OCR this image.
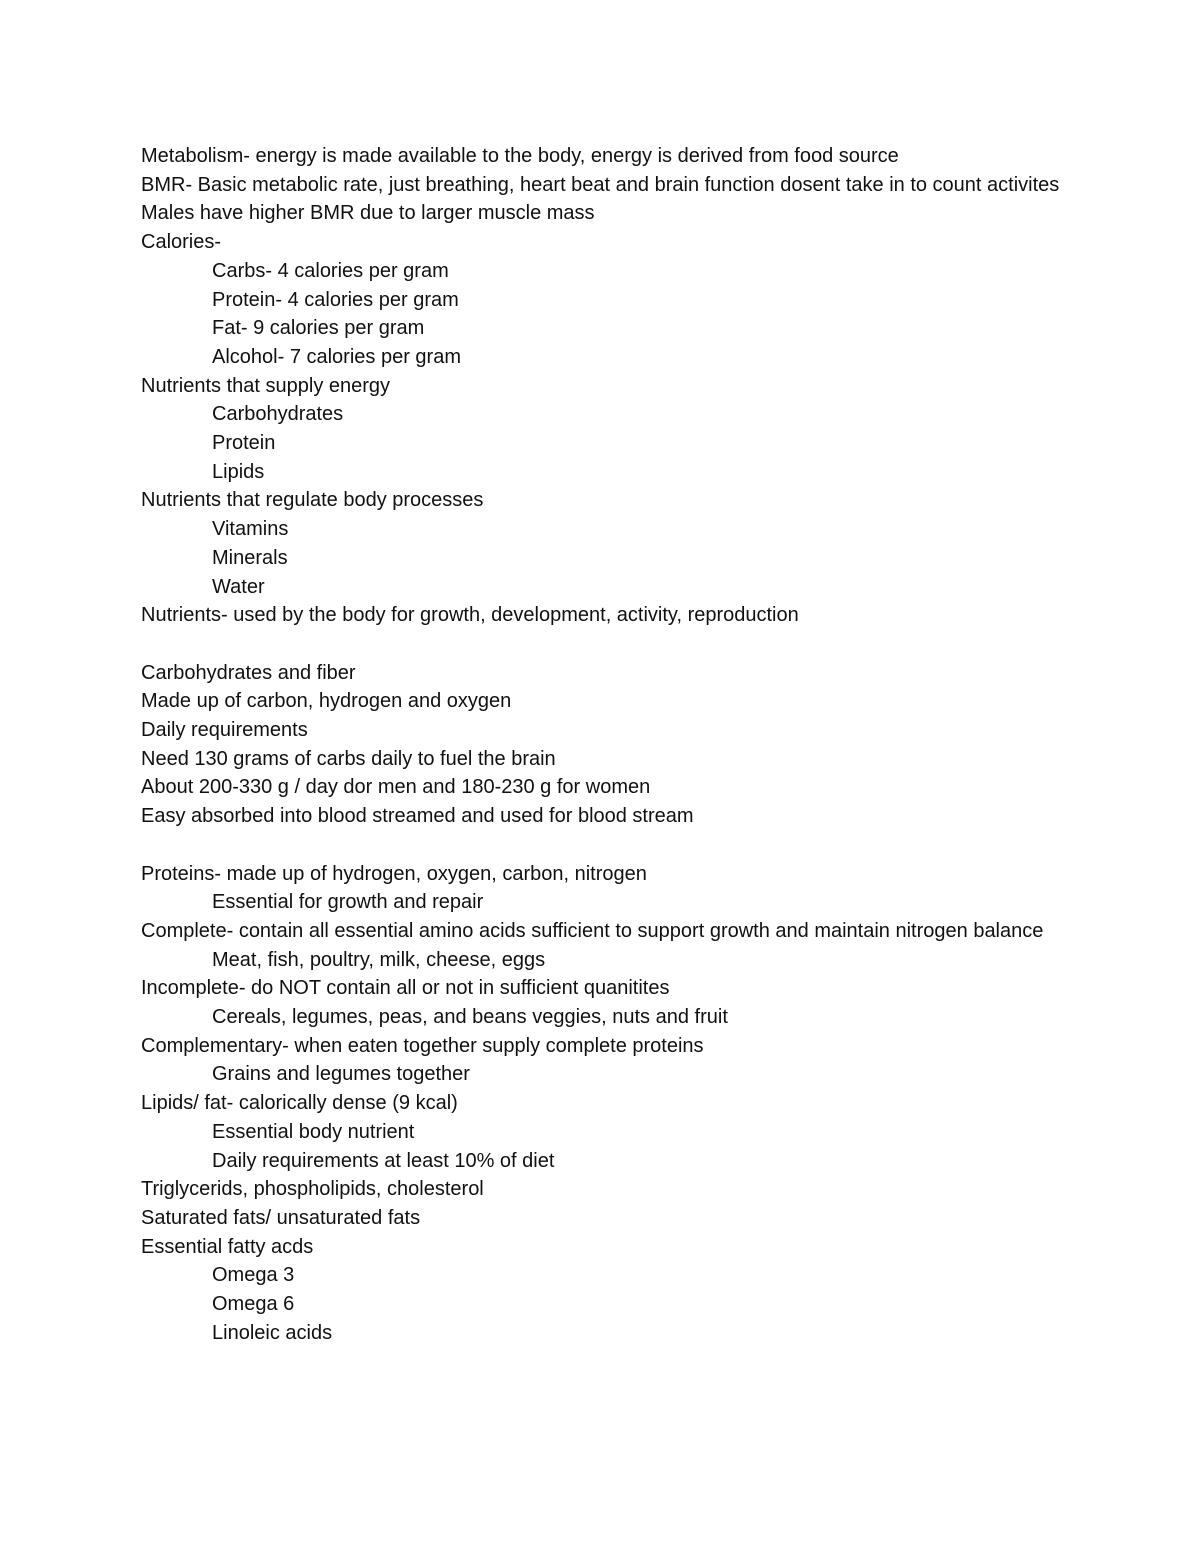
Metabolism- energy is made available to the body, energy is derived from food source
BMR- Basic metabolic rate, just breathing, heart beat and brain function dosent take in to count activites
Males have higher BMR due to larger muscle mass
Calories-
Carbs- 4 calories per gram
Protein- 4 calories per gram
Fat- 9 calories per gram
Alcohol- 7 calories per gram
Nutrients that supply energy
Carbohydrates
Protein
Lipids
Nutrients that regulate body processes
Vitamins
Minerals
Water
Nutrients- used by the body for growth, development, activity, reproduction
Carbohydrates and fiber
Made up of carbon, hydrogen and oxygen
Daily requirements
Need 130 grams of carbs daily to fuel the brain
About 200-330 g / day dor men and 180-230 g for women
Easy absorbed into blood streamed and used for blood stream
Proteins- made up of hydrogen, oxygen, carbon, nitrogen
Essential for growth and repair
Complete- contain all essential amino acids sufficient to support growth and maintain nitrogen balance
Meat, fish, poultry, milk, cheese, eggs
Incomplete- do NOT contain all or not in sufficient quanitites
Cereals, legumes, peas, and beans veggies, nuts and fruit
Complementary- when eaten together supply complete proteins
Grains and legumes together
Lipids/ fat- calorically dense (9 kcal)
Essential body nutrient
Daily requirements at least 10% of diet
Triglycerids, phospholipids, cholesterol
Saturated fats/ unsaturated fats
Essential fatty acds
Omega 3
Omega 6
Linoleic acids
